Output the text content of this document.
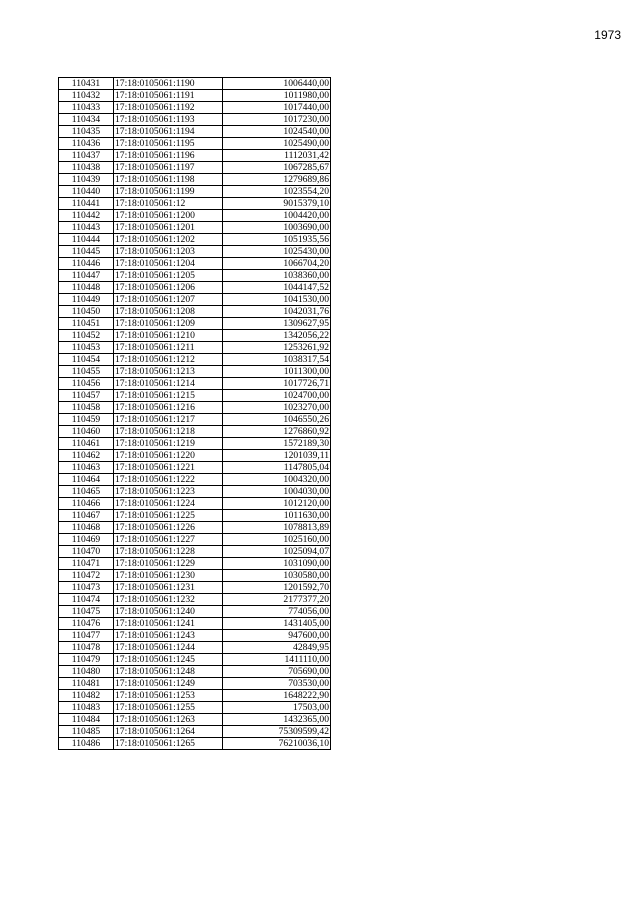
1973
110431	17:18:0105061:1190	1006440,00
110432	17:18:0105061:1191	1011980,00
110433	17:18:0105061:1192	1017440,00
110434	17:18:0105061:1193	1017230,00
110435	17:18:0105061:1194	1024540,00
110436	17:18:0105061:1195	1025490,00
110437	17:18:0105061:1196	1112031,42
110438	17:18:0105061:1197	1067285,67
110439	17:18:0105061:1198	1279689,86
110440	17:18:0105061:1199	1023554,20
110441	17:18:0105061:12	9015379,10
110442	17:18:0105061:1200	1004420,00
110443	17:18:0105061:1201	1003690,00
110444	17:18:0105061:1202	1051935,56
110445	17:18:0105061:1203	1025430,00
110446	17:18:0105061:1204	1066704,20
110447	17:18:0105061:1205	1038360,00
110448	17:18:0105061:1206	1044147,52
110449	17:18:0105061:1207	1041530,00
110450	17:18:0105061:1208	1042031,76
110451	17:18:0105061:1209	1309627,95
110452	17:18:0105061:1210	1342056,22
110453	17:18:0105061:1211	1253261,92
110454	17:18:0105061:1212	1038317,54
110455	17:18:0105061:1213	1011300,00
110456	17:18:0105061:1214	1017726,71
110457	17:18:0105061:1215	1024700,00
110458	17:18:0105061:1216	1023270,00
110459	17:18:0105061:1217	1046550,26
110460	17:18:0105061:1218	1276860,92
110461	17:18:0105061:1219	1572189,30
110462	17:18:0105061:1220	1201039,11
110463	17:18:0105061:1221	1147805,04
110464	17:18:0105061:1222	1004320,00
110465	17:18:0105061:1223	1004030,00
110466	17:18:0105061:1224	1012120,00
110467	17:18:0105061:1225	1011630,00
110468	17:18:0105061:1226	1078813,89
110469	17:18:0105061:1227	1025160,00
110470	17:18:0105061:1228	1025094,07
110471	17:18:0105061:1229	1031090,00
110472	17:18:0105061:1230	1030580,00
110473	17:18:0105061:1231	1201592,70
110474	17:18:0105061:1232	2177377,20
110475	17:18:0105061:1240	774056,00
110476	17:18:0105061:1241	1431405,00
110477	17:18:0105061:1243	947600,00
110478	17:18:0105061:1244	42849,95
110479	17:18:0105061:1245	1411110,00
110480	17:18:0105061:1248	705690,00
110481	17:18:0105061:1249	703530,00
110482	17:18:0105061:1253	1648222,90
110483	17:18:0105061:1255	17503,00
110484	17:18:0105061:1263	1432365,00
110485	17:18:0105061:1264	75309599,42
110486	17:18:0105061:1265	76210036,10
